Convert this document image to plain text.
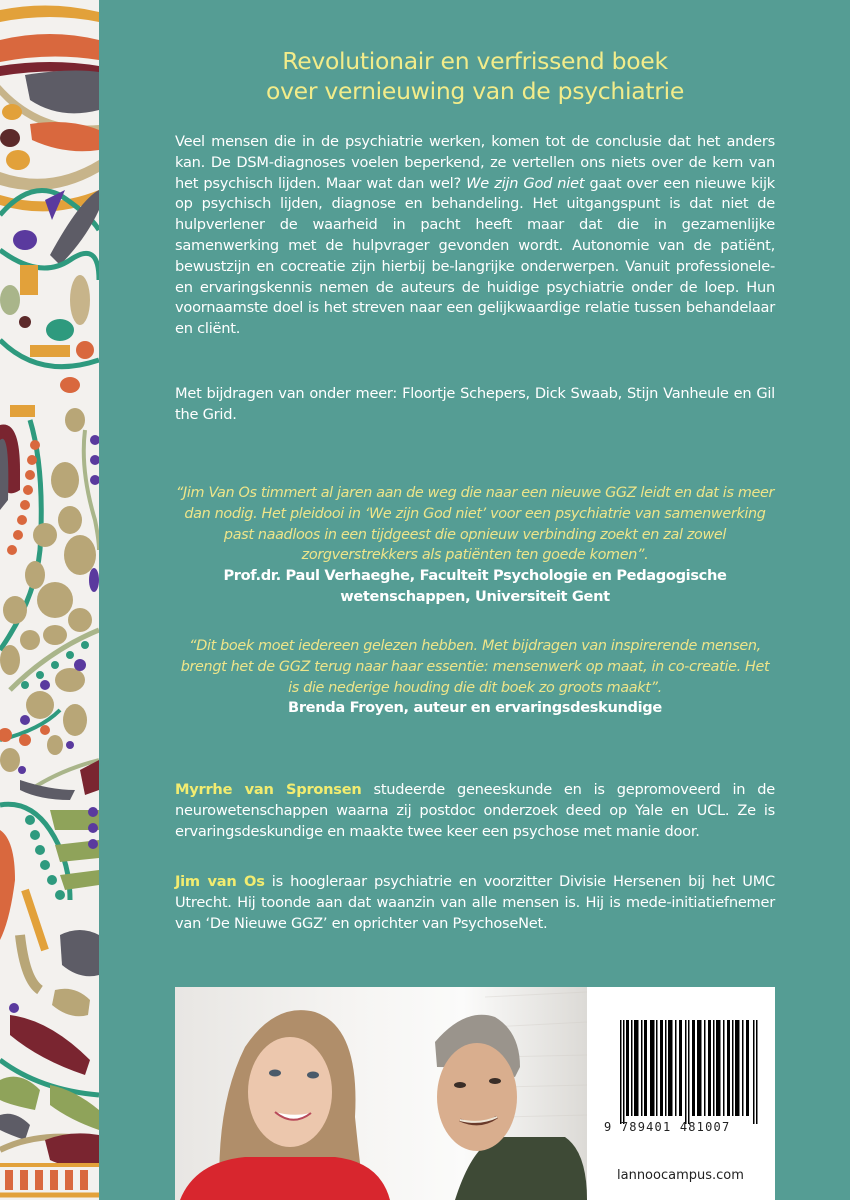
Revolutionair en verfrissend boek
over vernieuwing van de psychiatrie

Veel mensen die in de psychiatrie werken, komen tot de conclusie dat het anders kan. De DSM-diagnoses voelen beperkend, ze vertellen ons niets over de kern van het psychisch lijden. Maar wat dan wel? We zijn God niet gaat over een nieuwe kijk op psychisch lijden, diagnose en behandeling. Het uitgangspunt is dat niet de hulpverlener de waarheid in pacht heeft maar dat die in gezamenlijke samenwerking met de hulpvrager gevonden wordt. Autonomie van de patiënt, bewustzijn en cocreatie zijn hierbij be-langrijke onderwerpen. Vanuit professionele- en ervaringskennis nemen de auteurs de huidige psychiatrie onder de loep. Hun voornaamste doel is het streven naar een gelijkwaardige relatie tussen behandelaar en cliënt.

Met bijdragen van onder meer: Floortje Schepers, Dick Swaab, Stijn Vanheule en Gil the Grid.

“Jim Van Os timmert al jaren aan de weg die naar een nieuwe GGZ leidt en dat is meer dan nodig. Het pleidooi in ‘We zijn God niet’ voor een psychiatrie van samenwerking past naadloos in een tijdgeest die opnieuw verbinding zoekt en zal zowel zorgverstrekkers als patiënten ten goede komen”.
Prof.dr. Paul Verhaeghe, Faculteit Psychologie en Pedagogische wetenschappen, Universiteit Gent
“Dit boek moet iedereen gelezen hebben. Met bijdragen van inspirerende mensen, brengt het de GGZ terug naar haar essentie: mensenwerk op maat, in co-creatie. Het is die nederige houding die dit boek zo groots maakt”.
Brenda Froyen, auteur en ervaringsdeskundige

Myrrhe van Spronsen studeerde geneeskunde en is gepromoveerd in de neurowetenschappen waarna zij postdoc onderzoek deed op Yale en UCL. Ze is ervaringsdeskundige en maakte twee keer een psychose met manie door.

Jim van Os is hoogleraar psychiatrie en voorzitter Divisie Hersenen bij het UMC Utrecht. Hij toonde aan dat waanzin van alle mensen is. Hij is mede-initiatiefnemer van ‘De Nieuwe GGZ’ en oprichter van PsychoseNet.

9 789401 481007
lannoocampus.com
